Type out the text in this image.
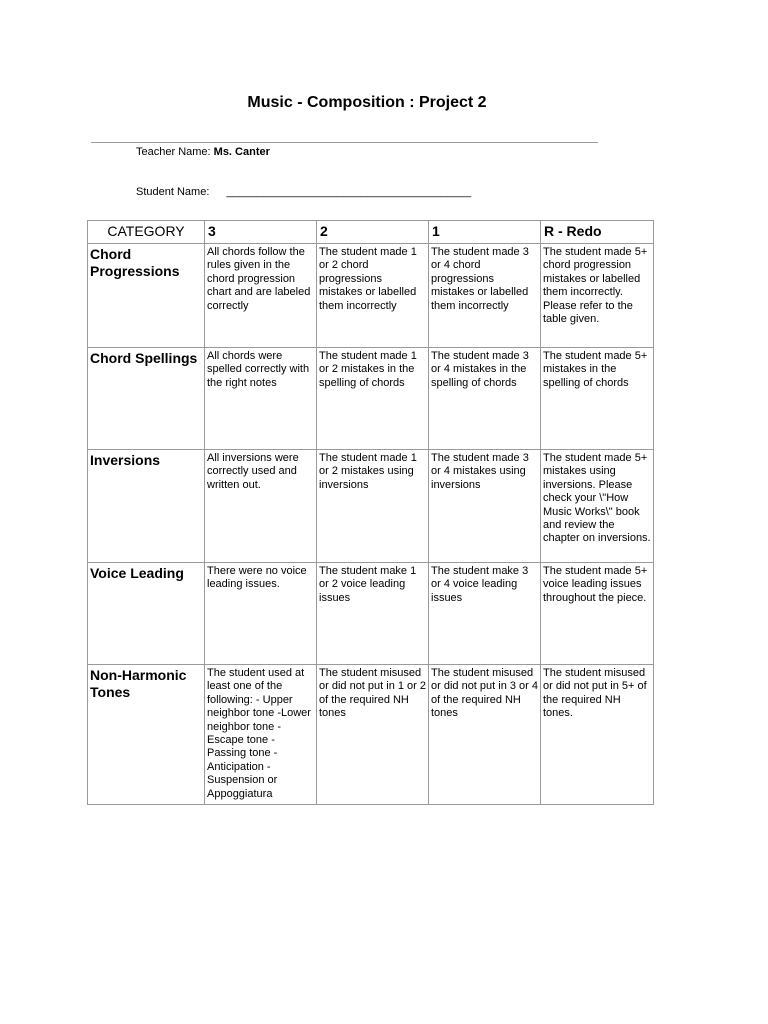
Music - Composition : Project 2
Teacher Name: Ms. Canter
Student Name: ________________________________________
CATEGORY	3	2	1	R - Redo
Chord Progressions	All chords follow the rules given in the chord progression chart and are labeled correctly	The student made 1 or 2 chord progressions mistakes or labelled them incorrectly	The student made 3 or 4 chord progressions mistakes or labelled them incorrectly	The student made 5+ chord progression mistakes or labelled them incorrectly. Please refer to the table given.
Chord Spellings	All chords were spelled correctly with the right notes	The student made 1 or 2 mistakes in the spelling of chords	The student made 3 or 4 mistakes in the spelling of chords	The student made 5+ mistakes in the spelling of chords
Inversions	All inversions were correctly used and written out.	The student made 1 or 2 mistakes using inversions	The student made 3 or 4 mistakes using inversions	The student made 5+ mistakes using inversions. Please check your \"How Music Works\" book and review the chapter on inversions.
Voice Leading	There were no voice leading issues.	The student make 1 or 2 voice leading issues	The student make 3 or 4 voice leading issues	The student made 5+ voice leading issues throughout the piece.
Non-Harmonic Tones	The student used at least one of the following: - Upper neighbor tone -Lower neighbor tone - Escape tone - Passing tone - Anticipation - Suspension or Appoggiatura	The student misused or did not put in 1 or 2 of the required NH tones	The student misused or did not put in 3 or 4 of the required NH tones	The student misused or did not put in 5+ of the required NH tones.
